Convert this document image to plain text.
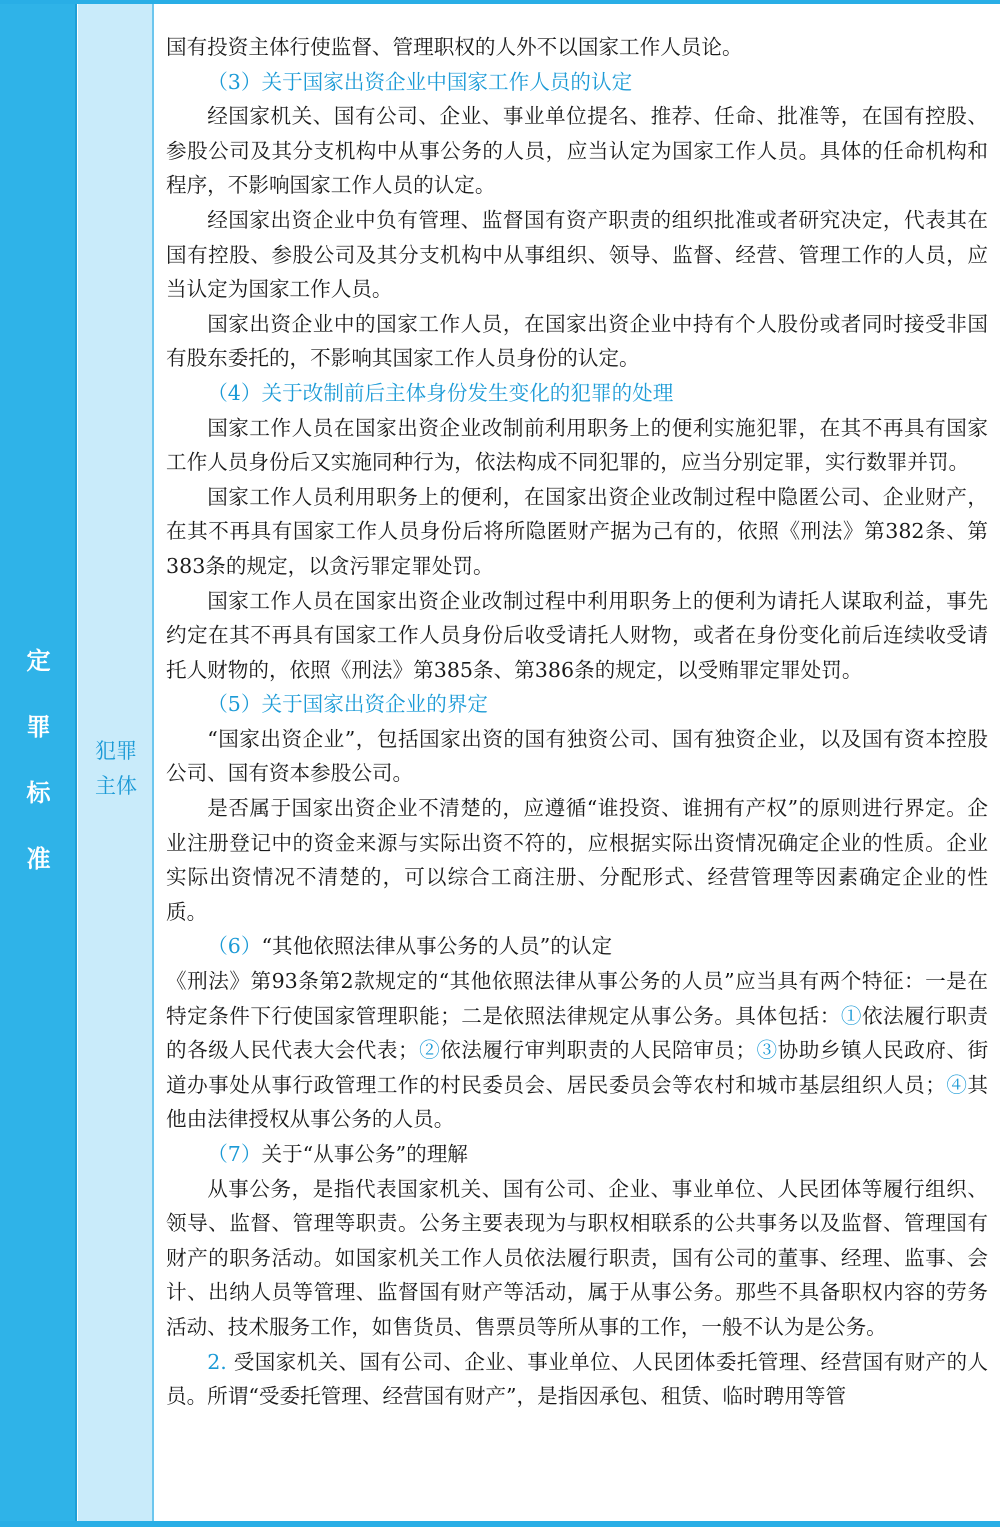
定
罪
标
准
犯罪
主体

国有投资主体行使监督、管理职权的人外不以国家工作人员论。

（3）关于国家出资企业中国家工作人员的认定

经国家机关、国有公司、企业、事业单位提名、推荐、任命、批准等，在国有控股、参股公司及其分支机构中从事公务的人员，应当认定为国家工作人员。具体的任命机构和程序，不影响国家工作人员的认定。

经国家出资企业中负有管理、监督国有资产职责的组织批准或者研究决定，代表其在国有控股、参股公司及其分支机构中从事组织、领导、监督、经营、管理工作的人员，应当认定为国家工作人员。

国家出资企业中的国家工作人员，在国家出资企业中持有个人股份或者同时接受非国有股东委托的，不影响其国家工作人员身份的认定。

（4）关于改制前后主体身份发生变化的犯罪的处理

国家工作人员在国家出资企业改制前利用职务上的便利实施犯罪，在其不再具有国家工作人员身份后又实施同种行为，依法构成不同犯罪的，应当分别定罪，实行数罪并罚。

国家工作人员利用职务上的便利，在国家出资企业改制过程中隐匿公司、企业财产，在其不再具有国家工作人员身份后将所隐匿财产据为己有的，依照《刑法》第382条、第383条的规定，以贪污罪定罪处罚。

国家工作人员在国家出资企业改制过程中利用职务上的便利为请托人谋取利益，事先约定在其不再具有国家工作人员身份后收受请托人财物，或者在身份变化前后连续收受请托人财物的，依照《刑法》第385条、第386条的规定，以受贿罪定罪处罚。

（5）关于国家出资企业的界定

“国家出资企业”，包括国家出资的国有独资公司、国有独资企业，以及国有资本控股公司、国有资本参股公司。

是否属于国家出资企业不清楚的，应遵循“谁投资、谁拥有产权”的原则进行界定。企业注册登记中的资金来源与实际出资不符的，应根据实际出资情况确定企业的性质。企业实际出资情况不清楚的，可以综合工商注册、分配形式、经营管理等因素确定企业的性质。

（6）“其他依照法律从事公务的人员”的认定

《刑法》第93条第2款规定的“其他依照法律从事公务的人员”应当具有两个特征：一是在特定条件下行使国家管理职能；二是依照法律规定从事公务。具体包括：①依法履行职责的各级人民代表大会代表；②依法履行审判职责的人民陪审员；③协助乡镇人民政府、街道办事处从事行政管理工作的村民委员会、居民委员会等农村和城市基层组织人员；④其他由法律授权从事公务的人员。

（7）关于“从事公务”的理解

从事公务，是指代表国家机关、国有公司、企业、事业单位、人民团体等履行组织、领导、监督、管理等职责。公务主要表现为与职权相联系的公共事务以及监督、管理国有财产的职务活动。如国家机关工作人员依法履行职责，国有公司的董事、经理、监事、会计、出纳人员等管理、监督国有财产等活动，属于从事公务。那些不具备职权内容的劳务活动、技术服务工作，如售货员、售票员等所从事的工作，一般不认为是公务。

2. 受国家机关、国有公司、企业、事业单位、人民团体委托管理、经营国有财产的人员。所谓“受委托管理、经营国有财产”，是指因承包、租赁、临时聘用等管
